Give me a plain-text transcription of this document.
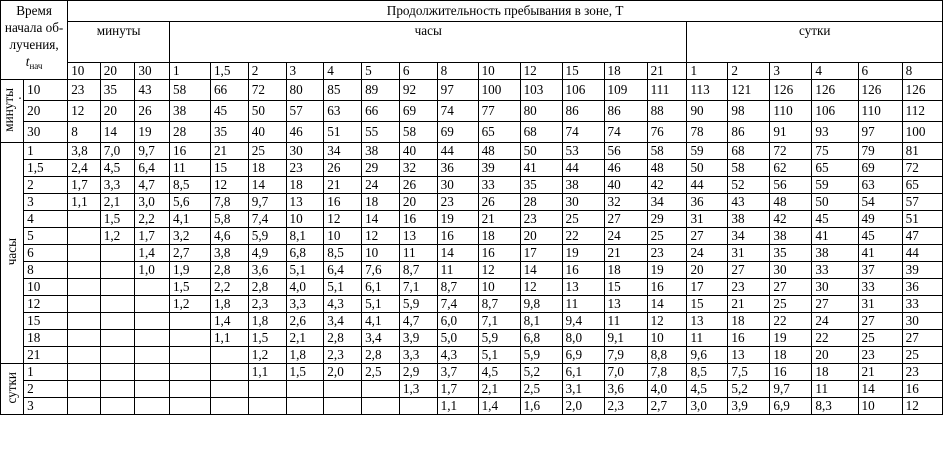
Время
начала об-
лучения,
$t_{нач}$		Продолжительность пребывания в зоне, T																					
		минуты			часы													сутки					
		10	20	30	1	1,5	2	3	4	5	6	8	10	12	15	18	21	1	2	3	4	6	8
минуты .	10	23	35	43	58	66	72	80	85	89	92	97	100	103	106	109	111	113	121	126	126	126	126
	20	12	20	26	38	45	50	57	63	66	69	74	77	80	86	86	88	90	98	110	106	110	112
	30	8	14	19	28	35	40	46	51	55	58	69	65	68	74	74	76	78	86	91	93	97	100
часы	1	3,8	7,0	9,7	16	21	25	30	34	38	40	44	48	50	53	56	58	59	68	72	75	79	81
	1,5	2,4	4,5	6,4	11	15	18	23	26	29	32	36	39	41	44	46	48	50	58	62	65	69	72
	2	1,7	3,3	4,7	8,5	12	14	18	21	24	26	30	33	35	38	40	42	44	52	56	59	63	65
	3	1,1	2,1	3,0	5,6	7,8	9,7	13	16	18	20	23	26	28	30	32	34	36	43	48	50	54	57
	4		1,5	2,2	4,1	5,8	7,4	10	12	14	16	19	21	23	25	27	29	31	38	42	45	49	51
	5		1,2	1,7	3,2	4,6	5,9	8,1	10	12	13	16	18	20	22	24	25	27	34	38	41	45	47
	6			1,4	2,7	3,8	4,9	6,8	8,5	10	11	14	16	17	19	21	23	24	31	35	38	41	44
	8			1,0	1,9	2,8	3,6	5,1	6,4	7,6	8,7	11	12	14	16	18	19	20	27	30	33	37	39
	10				1,5	2,2	2,8	4,0	5,1	6,1	7,1	8,7	10	12	13	15	16	17	23	27	30	33	36
	12				1,2	1,8	2,3	3,3	4,3	5,1	5,9	7,4	8,7	9,8	11	13	14	15	21	25	27	31	33
	15					1,4	1,8	2,6	3,4	4,1	4,7	6,0	7,1	8,1	9,4	11	12	13	18	22	24	27	30
	18					1,1	1,5	2,1	2,8	3,4	3,9	5,0	5,9	6,8	8,0	9,1	10	11	16	19	22	25	27
	21						1,2	1,8	2,3	2,8	3,3	4,3	5,1	5,9	6,9	7,9	8,8	9,6	13	18	20	23	25
сутки	1						1,1	1,5	2,0	2,5	2,9	3,7	4,5	5,2	6,1	7,0	7,8	8,5	7,5	16	18	21	23
	2										1,3	1,7	2,1	2,5	3,1	3,6	4,0	4,5	5,2	9,7	11	14	16
	3											1,1	1,4	1,6	2,0	2,3	2,7	3,0	3,9	6,9	8,3	10	12
